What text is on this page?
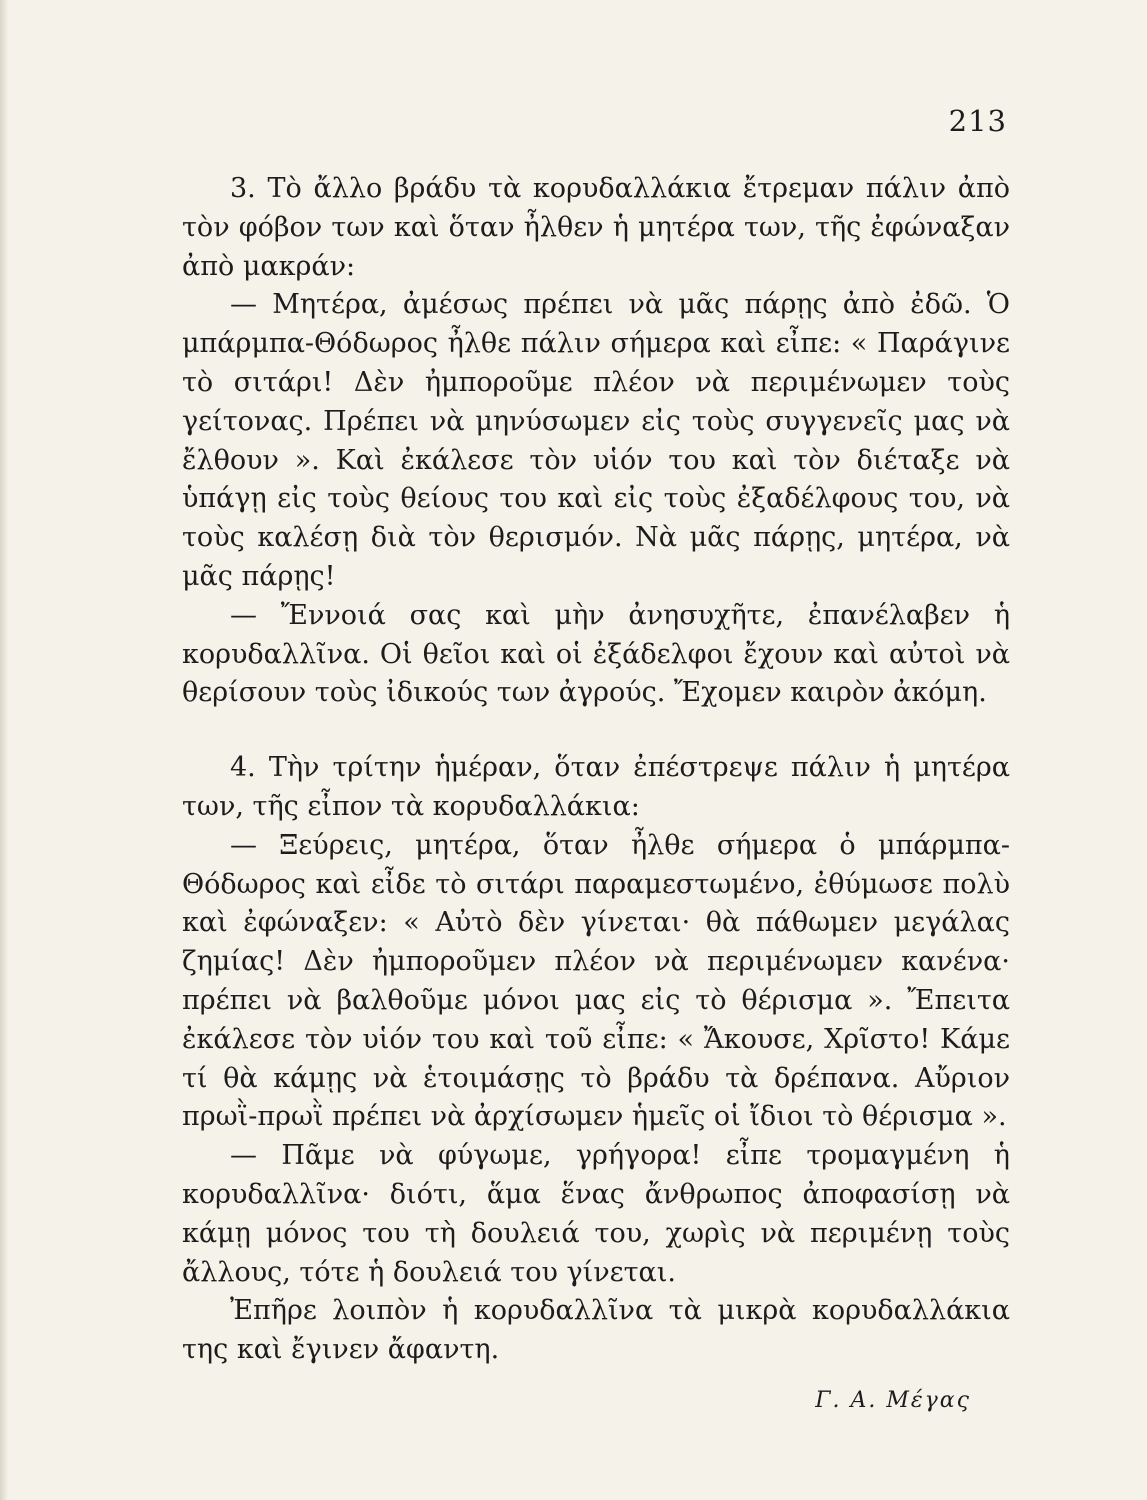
213

3. Τὸ ἄλλο βράδυ τὰ κορυδαλλάκια ἔτρεμαν πάλιν ἀπὸ τὸν φόβον των καὶ ὅταν ἦλθεν ἡ μητέρα των, τῆς ἐφώναξαν ἀπὸ μακράν:

— Μητέρα, ἀμέσως πρέπει νὰ μᾶς πάρῃς ἀπὸ ἐδῶ. Ὁ μπάρμπα-Θόδωρος ἦλθε πάλιν σήμερα καὶ εἶπε: « Παράγινε τὸ σιτάρι! Δὲν ἠμποροῦμε πλέον νὰ περιμένωμεν τοὺς γείτονας. Πρέπει νὰ μηνύσωμεν εἰς τοὺς συγγενεῖς μας νὰ ἔλθουν ». Καὶ ἐκάλεσε τὸν υἱόν του καὶ τὸν διέταξε νὰ ὑπάγῃ εἰς τοὺς θείους του καὶ εἰς τοὺς ἐξαδέλφους του, νὰ τοὺς καλέσῃ διὰ τὸν θερισμόν. Νὰ μᾶς πάρῃς, μητέρα, νὰ μᾶς πάρῃς!

— Ἔννοιά σας καὶ μὴν ἀνησυχῆτε, ἐπανέλαβεν ἡ κορυδαλλῖνα. Οἱ θεῖοι καὶ οἱ ἐξάδελφοι ἔχουν καὶ αὐτοὶ νὰ θερίσουν τοὺς ἰδικούς των ἀγρούς. Ἔχομεν καιρὸν ἀκόμη.

4. Τὴν τρίτην ἡμέραν, ὅταν ἐπέστρεψε πάλιν ἡ μητέρα των, τῆς εἶπον τὰ κορυδαλλάκια:

— Ξεύρεις, μητέρα, ὅταν ἦλθε σήμερα ὁ μπάρμπα-Θόδωρος καὶ εἶδε τὸ σιτάρι παραμεστωμένο, ἐθύμωσε πολὺ καὶ ἐφώναξεν: « Αὐτὸ δὲν γίνεται· θὰ πάθωμεν μεγάλας ζημίας! Δὲν ἠμποροῦμεν πλέον νὰ περιμένωμεν κανένα· πρέπει νὰ βαλθοῦμε μόνοι μας εἰς τὸ θέρισμα ». Ἔπειτα ἐκάλεσε τὸν υἱόν του καὶ τοῦ εἶπε: « Ἄκουσε, Χρῖστο! Κάμε τί θὰ κάμῃς νὰ ἑτοιμάσῃς τὸ βράδυ τὰ δρέπανα. Αὔριον πρωῒ-πρωῒ πρέπει νὰ ἀρχίσωμεν ἡμεῖς οἱ ἴδιοι τὸ θέρισμα ».

— Πᾶμε νὰ φύγωμε, γρήγορα! εἶπε τρομαγμένη ἡ κορυδαλλῖνα· διότι, ἅμα ἕνας ἄνθρωπος ἀποφασίσῃ νὰ κάμῃ μόνος του τὴ δουλειά του, χωρὶς νὰ περιμένῃ τοὺς ἄλλους, τότε ἡ δουλειά του γίνεται.

Ἐπῆρε λοιπὸν ἡ κορυδαλλῖνα τὰ μικρὰ κορυδαλλάκια της καὶ ἔγινεν ἄφαντη.

Γ. Α. Μέγας
